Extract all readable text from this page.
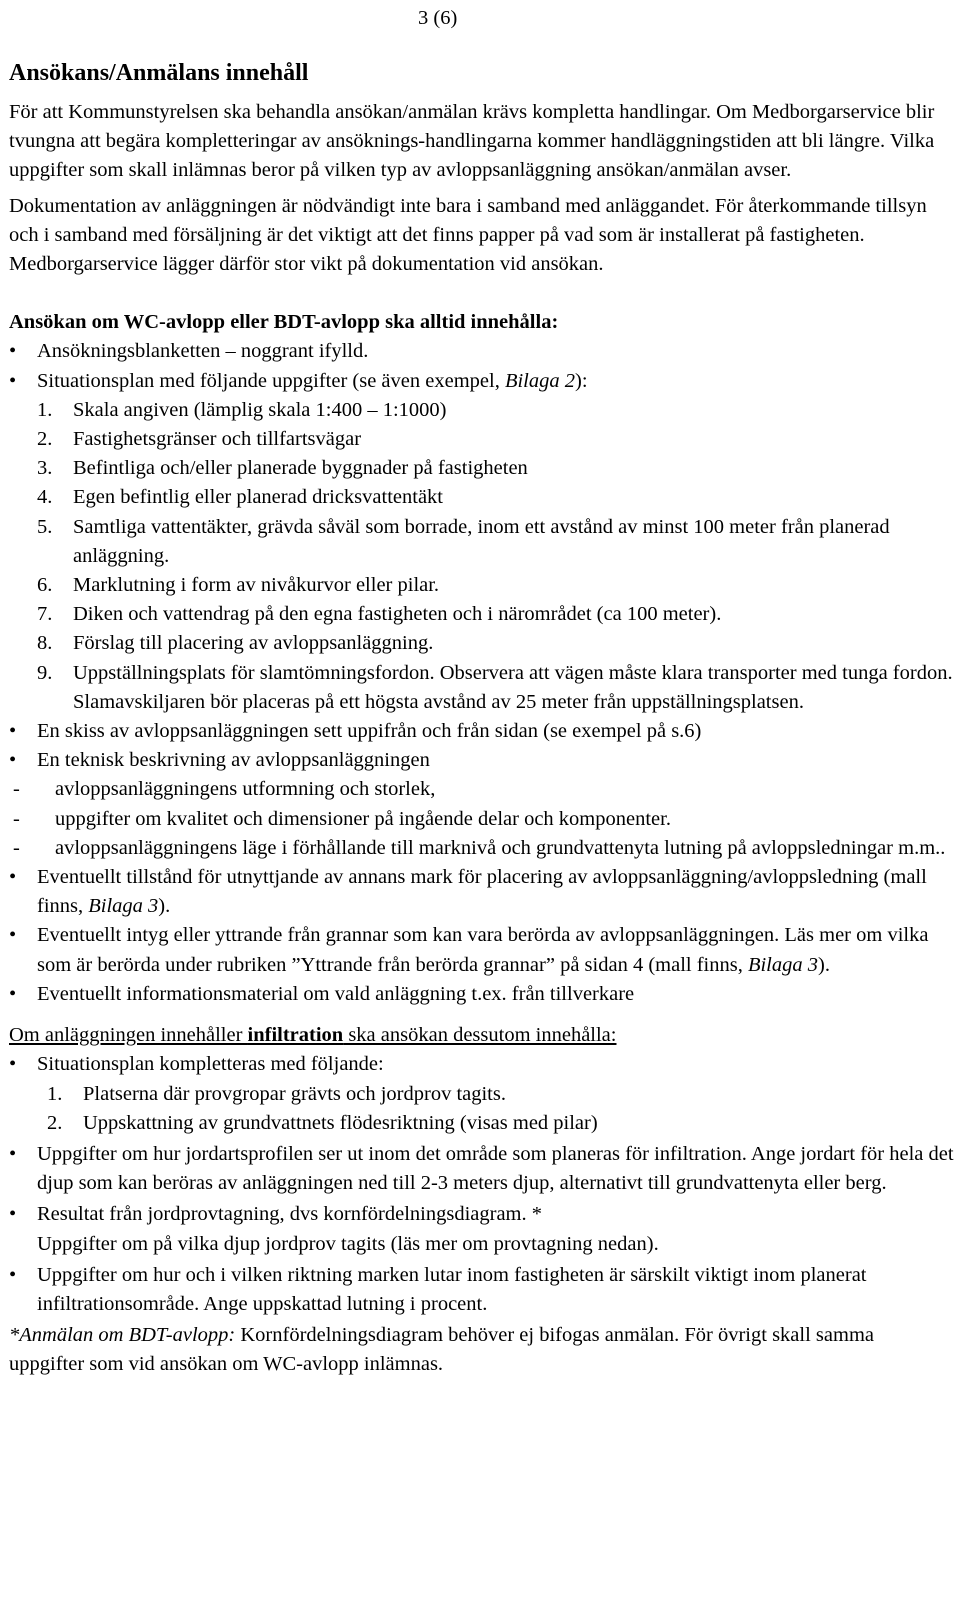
3 (6)
Ansökans/Anmälans innehåll

För att Kommunstyrelsen ska behandla ansökan/anmälan krävs kompletta handlingar. Om Medborgarservice blir tvungna att begära kompletteringar av ansöknings-handlingarna kommer handläggningstiden att bli längre. Vilka uppgifter som skall inlämnas beror på vilken typ av avloppsanläggning ansökan/anmälan avser.

Dokumentation av anläggningen är nödvändigt inte bara i samband med anläggandet. För återkommande tillsyn och i samband med försäljning är det viktigt att det finns papper på vad som är installerat på fastigheten. Medborgarservice lägger därför stor vikt på dokumentation vid ansökan.

Ansökan om WC-avlopp eller BDT-avlopp ska alltid innehålla:

• Ansökningsblanketten – noggrant ifylld.
• Situationsplan med följande uppgifter (se även exempel, Bilaga 2):
1. Skala angiven (lämplig skala 1:400 – 1:1000)
2. Fastighetsgränser och tillfartsvägar
3. Befintliga och/eller planerade byggnader på fastigheten
4. Egen befintlig eller planerad dricksvattentäkt
5. Samtliga vattentäkter, grävda såväl som borrade, inom ett avstånd av minst 100 meter från planerad anläggning.
6. Marklutning i form av nivåkurvor eller pilar.
7. Diken och vattendrag på den egna fastigheten och i närområdet (ca 100 meter).
8. Förslag till placering av avloppsanläggning.
9. Uppställningsplats för slamtömningsfordon. Observera att vägen måste klara transporter med tunga fordon. Slamavskiljaren bör placeras på ett högsta avstånd av 25 meter från uppställningsplatsen.
• En skiss av avloppsanläggningen sett uppifrån och från sidan (se exempel på s.6)
• En teknisk beskrivning av avloppsanläggningen
- avloppsanläggningens utformning och storlek,
- uppgifter om kvalitet och dimensioner på ingående delar och komponenter.
- avloppsanläggningens läge i förhållande till marknivå och grundvattenyta lutning på avloppsledningar m.m..
• Eventuellt tillstånd för utnyttjande av annans mark för placering av avloppsanläggning/avloppsledning (mall finns, Bilaga 3).
• Eventuellt intyg eller yttrande från grannar som kan vara berörda av avloppsanläggningen. Läs mer om vilka som är berörda under rubriken ”Yttrande från berörda grannar” på sidan 4 (mall finns, Bilaga 3).
• Eventuellt informationsmaterial om vald anläggning t.ex. från tillverkare

Om anläggningen innehåller infiltration ska ansökan dessutom innehålla:

• Situationsplan kompletteras med följande:
1. Platserna där provgropar grävts och jordprov tagits.
2. Uppskattning av grundvattnets flödesriktning (visas med pilar)
• Uppgifter om hur jordartsprofilen ser ut inom det område som planeras för infiltration. Ange jordart för hela det djup som kan beröras av anläggningen ned till 2-3 meters djup, alternativt till grundvattenyta eller berg.
• Resultat från jordprovtagning, dvs kornfördelningsdiagram. *
Uppgifter om på vilka djup jordprov tagits (läs mer om provtagning nedan).
• Uppgifter om hur och i vilken riktning marken lutar inom fastigheten är särskilt viktigt inom planerat infiltrationsområde. Ange uppskattad lutning i procent.

*Anmälan om BDT-avlopp: Kornfördelningsdiagram behöver ej bifogas anmälan. För övrigt skall samma uppgifter som vid ansökan om WC-avlopp inlämnas.
